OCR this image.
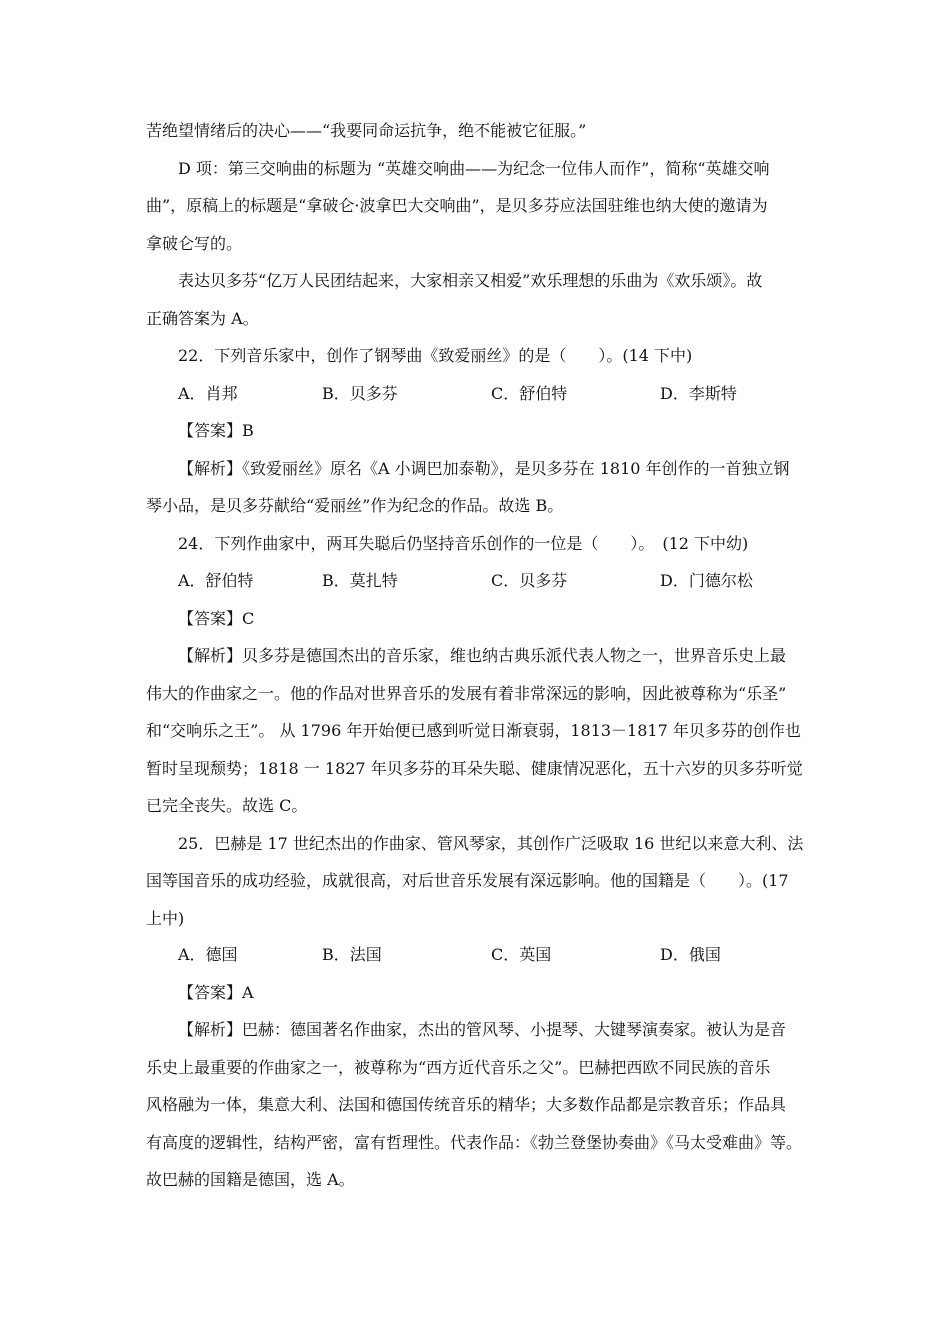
苦绝望情绪后的决心——“我要同命运抗争，绝不能被它征服。”
D 项：第三交响曲的标题为 “英雄交响曲——为纪念一位伟人而作”，简称“英雄交响
曲”，原稿上的标题是“拿破仑·波拿巴大交响曲”，是贝多芬应法国驻维也纳大使的邀请为
拿破仑写的。
表达贝多芬“亿万人民团结起来，大家相亲又相爱”欢乐理想的乐曲为《欢乐颂》。故
正确答案为 A。
22．下列音乐家中，创作了钢琴曲《致爱丽丝》的是（　　）。(14 下中)
A．肖邦	B．贝多芬	C．舒伯特	D．李斯特
【答案】B
【解析】《致爱丽丝》原名《A 小调巴加泰勒》，是贝多芬在 1810 年创作的一首独立钢
琴小品，是贝多芬献给“爱丽丝”作为纪念的作品。故选 B。
24．下列作曲家中，两耳失聪后仍坚持音乐创作的一位是（　　）。　(12 下中幼)
A．舒伯特	B．莫扎特	C．贝多芬	D．门德尔松
【答案】C
【解析】贝多芬是德国杰出的音乐家，维也纳古典乐派代表人物之一，世界音乐史上最
伟大的作曲家之一。他的作品对世界音乐的发展有着非常深远的影响，因此被尊称为“乐圣”
和“交响乐之王”。 从 1796 年开始便已感到听觉日渐衰弱，1813－1817 年贝多芬的创作也
暂时呈现颓势；1818 一 1827 年贝多芬的耳朵失聪、健康情况恶化，五十六岁的贝多芬听觉
已完全丧失。故选 C。
25．巴赫是 17 世纪杰出的作曲家、管风琴家，其创作广泛吸取 16 世纪以来意大利、法
国等国音乐的成功经验，成就很高，对后世音乐发展有深远影响。他的国籍是（　　）。(17
上中)
A．德国	B．法国	C．英国	D．俄国
【答案】A
【解析】巴赫：德国著名作曲家，杰出的管风琴、小提琴、大键琴演奏家。被认为是音
乐史上最重要的作曲家之一，被尊称为“西方近代音乐之父”。巴赫把西欧不同民族的音乐
风格融为一体，集意大利、法国和德国传统音乐的精华；大多数作品都是宗教音乐；作品具
有高度的逻辑性，结构严密，富有哲理性。代表作品：《勃兰登堡协奏曲》《马太受难曲》等。
故巴赫的国籍是德国，选 A。
